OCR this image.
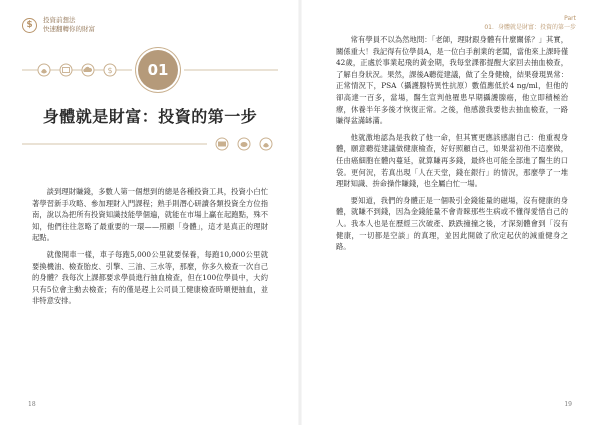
$	投資前想法
快速翻轉你的財富
$	01
身體就是財富：投資的第一步

談到理財賺錢，多數人第一個想到的總是各種投資工具，投資小白忙著學習新手攻略、參加理財入門課程；熟手則潛心研讀各類投資全方位指南，說以為把所有投資知識技能學個遍，就能在市場上贏在起跑點，殊不知，他們往往忽略了最重要的一環——照顧「身體」，這才是真正的理財起點。

就像開車一樣，車子每跑5,000公里就要保養，每跑10,000公里就要換機油、檢查胎皮、引擎、三油、三水等，那麼，你多久檢查一次自己的身體？我每次上課都要求學員進行抽血檢查，但在100位學員中，大約只有5位會主動去檢查；有的僅是趕上公司員工健康檢查時順便抽血，並非特意安排。

18
Part
01．身體就是財富：投資的第一步

常有學員不以為然地問：「老師，理財跟身體有什麼關係？」其實，關係重大！我記得有位學員A，是一位白手創業的老闆，當他來上課時僅42歲，正處於事業起飛的黃金期，我每堂課都提醒大家回去抽血檢查，了解自身狀況。果然，課後A聽從建議，做了全身健檢，結果發現異常：正常情況下，PSA（攝護腺特異性抗原）數值應低於4 ng/ml，但他的卻高達一百多，當場，醫生宣判他罹患早期攝護腺癌，他立即積極治療，休養半年多後才恢復正常。之後，他感激我要他去抽血檢查，一路賺得盆滿缽滿。

他就激地認為是我救了他一命，但其實更應該感謝自己：他重視身體，願意聽從建議做健康檢查，好好照顧自己，如果當初他不這麼做，任由癌細胞在體內蔓延，就算賺再多錢，最終也可能全部進了醫生的口袋。更何況，若真出現「人在天堂，錢在銀行」的情況，那麼學了一堆理財知識、拚命操作賺錢，也全屬白忙一場。

要知道，我們的身體正是一個吸引金錢能量的磁場，沒有健康的身體，就賺不到錢，因為金錢能量不會青睞那些生病或不懂得愛惜自己的人。我本人也是在歷經三次破產、跌跌撞撞之後，才深刻體會到「沒有健康，一切都是空談」的真理，並因此開啟了欣定起伏的減重健身之路。

19
